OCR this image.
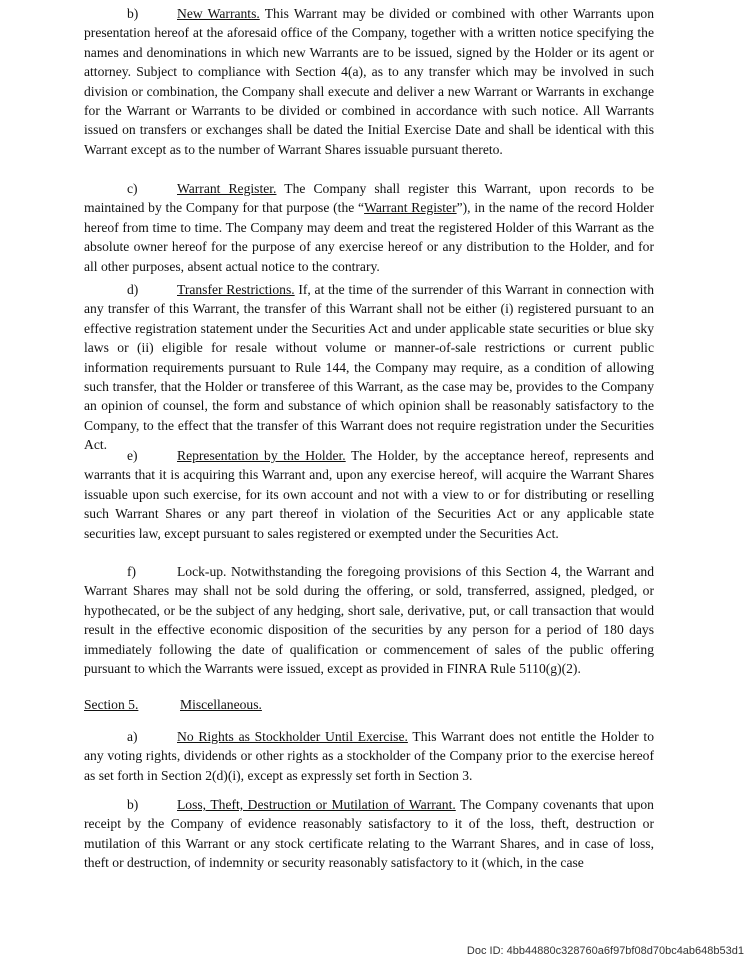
b)	New Warrants. This Warrant may be divided or combined with other Warrants upon presentation hereof at the aforesaid office of the Company, together with a written notice specifying the names and denominations in which new Warrants are to be issued, signed by the Holder or its agent or attorney. Subject to compliance with Section 4(a), as to any transfer which may be involved in such division or combination, the Company shall execute and deliver a new Warrant or Warrants in exchange for the Warrant or Warrants to be divided or combined in accordance with such notice. All Warrants issued on transfers or exchanges shall be dated the Initial Exercise Date and shall be identical with this Warrant except as to the number of Warrant Shares issuable pursuant thereto.

c)	Warrant Register. The Company shall register this Warrant, upon records to be maintained by the Company for that purpose (the “Warrant Register”), in the name of the record Holder hereof from time to time. The Company may deem and treat the registered Holder of this Warrant as the absolute owner hereof for the purpose of any exercise hereof or any distribution to the Holder, and for all other purposes, absent actual notice to the contrary.

d)	Transfer Restrictions. If, at the time of the surrender of this Warrant in connection with any transfer of this Warrant, the transfer of this Warrant shall not be either (i) registered pursuant to an effective registration statement under the Securities Act and under applicable state securities or blue sky laws or (ii) eligible for resale without volume or manner-of-sale restrictions or current public information requirements pursuant to Rule 144, the Company may require, as a condition of allowing such transfer, that the Holder or transferee of this Warrant, as the case may be, provides to the Company an opinion of counsel, the form and substance of which opinion shall be reasonably satisfactory to the Company, to the effect that the transfer of this Warrant does not require registration under the Securities Act.

e)	Representation by the Holder. The Holder, by the acceptance hereof, represents and warrants that it is acquiring this Warrant and, upon any exercise hereof, will acquire the Warrant Shares issuable upon such exercise, for its own account and not with a view to or for distributing or reselling such Warrant Shares or any part thereof in violation of the Securities Act or any applicable state securities law, except pursuant to sales registered or exempted under the Securities Act.

f)	Lock-up. Notwithstanding the foregoing provisions of this Section 4, the Warrant and Warrant Shares may shall not be sold during the offering, or sold, transferred, assigned, pledged, or hypothecated, or be the subject of any hedging, short sale, derivative, put, or call transaction that would result in the effective economic disposition of the securities by any person for a period of 180 days immediately following the date of qualification or commencement of sales of the public offering pursuant to which the Warrants were issued, except as provided in FINRA Rule 5110(g)(2).

Section 5.	Miscellaneous.

a)	No Rights as Stockholder Until Exercise. This Warrant does not entitle the Holder to any voting rights, dividends or other rights as a stockholder of the Company prior to the exercise hereof as set forth in Section 2(d)(i), except as expressly set forth in Section 3.

b)	Loss, Theft, Destruction or Mutilation of Warrant. The Company covenants that upon receipt by the Company of evidence reasonably satisfactory to it of the loss, theft, destruction or mutilation of this Warrant or any stock certificate relating to the Warrant Shares, and in case of loss, theft or destruction, of indemnity or security reasonably satisfactory to it (which, in the case

Doc ID: 4bb44880c328760a6f97bf08d70bc4ab648b53d1
